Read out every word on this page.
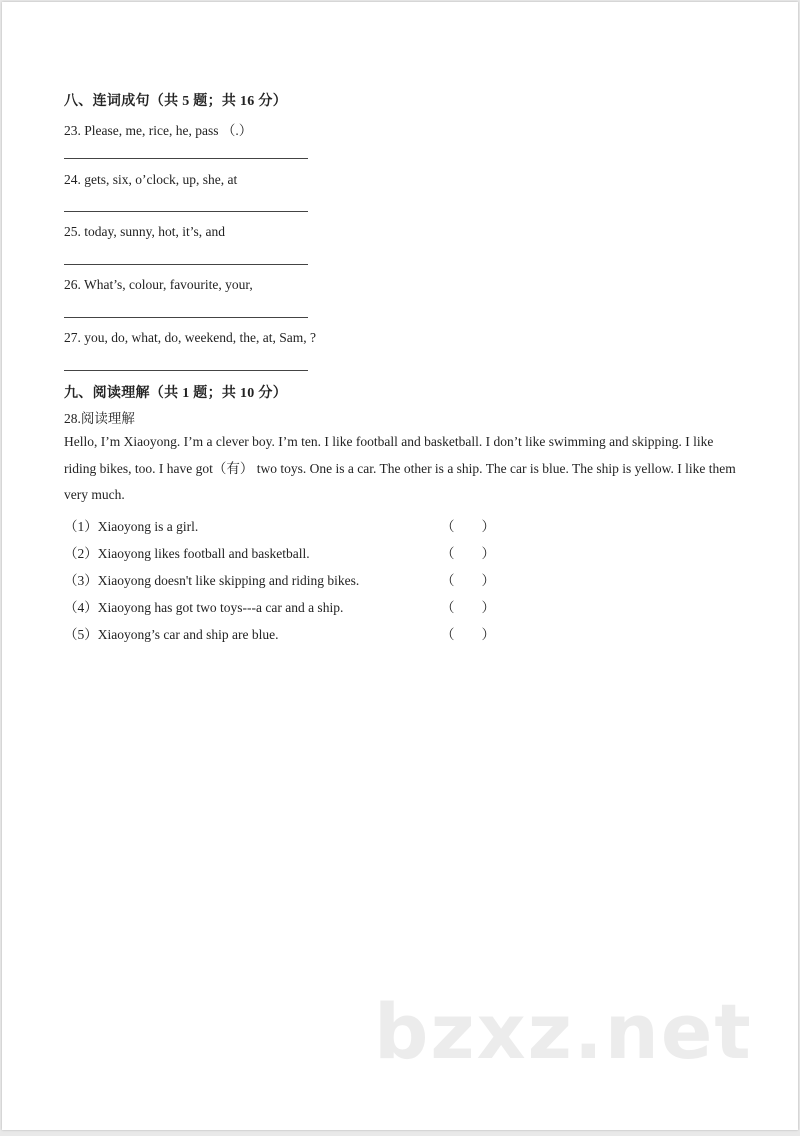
八、连词成句（共 5 题；共 16 分）
23. Please, me, rice, he, pass （.）
24. gets, six, o’clock, up, she, at
25. today, sunny, hot, it’s, and
26. What’s, colour, favourite, your,
27. you, do, what, do, weekend, the, at, Sam, ?
九、阅读理解（共 1 题；共 10 分）
28.阅读理解
Hello, I’m Xiaoyong. I’m a clever boy. I’m ten. I like football and basketball. I don’t like swimming and skipping. I like riding bikes, too. I have got（有） two toys. One is a car. The other is a ship. The car is blue. The ship is yellow. I like them very much.
（1）Xiaoyong is a girl.	（　　）
（2）Xiaoyong likes football and basketball.	（　　）
（3）Xiaoyong doesn't like skipping and riding bikes.	（　　）
（4）Xiaoyong has got two toys---a car and a ship.	（　　）
（5）Xiaoyong’s car and ship are blue.	（　　）
bzxz.net
